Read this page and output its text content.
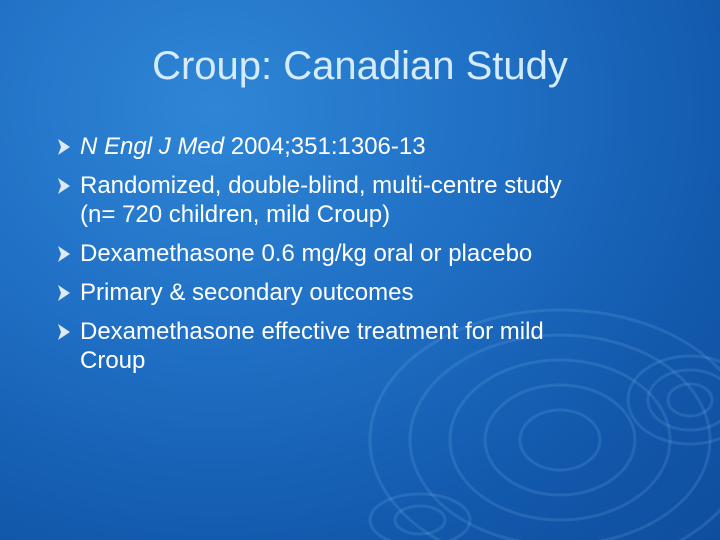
Croup: Canadian Study
N Engl J Med 2004;351:1306-13
Randomized, double-blind, multi-centre study
(n= 720 children, mild Croup)
Dexamethasone 0.6 mg/kg oral or placebo
Primary & secondary outcomes
Dexamethasone effective treatment for mild
Croup
